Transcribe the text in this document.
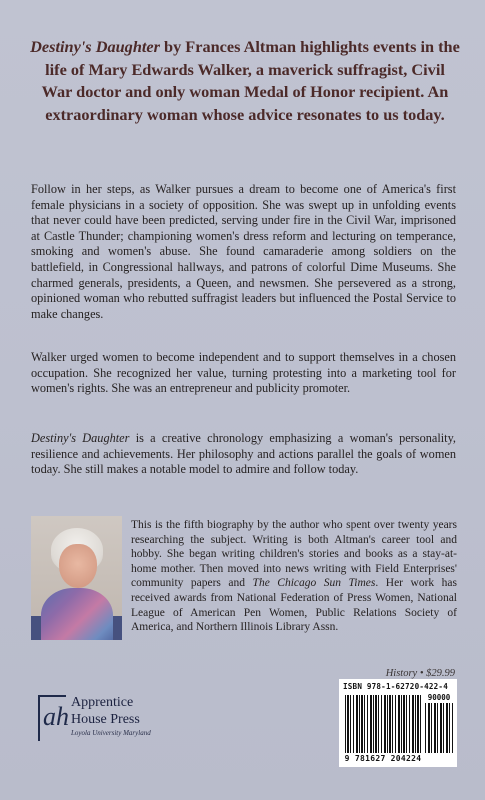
Destiny's Daughter by Frances Altman highlights events in the life of Mary Edwards Walker, a maverick suffragist, Civil War doctor and only woman Medal of Honor recipient. An extraordinary woman whose advice resonates to us today.
Follow in her steps, as Walker pursues a dream to become one of America's first female physicians in a society of opposition. She was swept up in unfolding events that never could have been predicted, serving under fire in the Civil War, imprisoned at Castle Thunder; championing women's dress reform and lecturing on temperance, smoking and women's abuse. She found camaraderie among soldiers on the battlefield, in Congressional hallways, and patrons of colorful Dime Museums. She charmed generals, presidents, a Queen, and newsmen. She persevered as a strong, opinioned woman who rebutted suffragist leaders but influenced the Postal Service to make changes.
Walker urged women to become independent and to support themselves in a chosen occupation. She recognized her value, turning protesting into a marketing tool for women's rights. She was an entrepreneur and publicity promoter.
Destiny's Daughter is a creative chronology emphasizing a woman's personality, resilience and achievements. Her philosophy and actions parallel the goals of women today. She still makes a notable model to admire and follow today.
This is the fifth biography by the author who spent over twenty years researching the subject. Writing is both Altman's career tool and hobby. She began writing children's stories and books as a stay-at-home mother. Then moved into news writing with Field Enterprises' community papers and The Chicago Sun Times. Her work has received awards from National Federation of Press Women, National League of American Pen Women, Public Relations Society of America, and Northern Illinois Library Assn.
History • $29.99
ISBN 978-1-62720-422-4
90000
9 781627 204224
ah Apprentice
House Press
Loyola University Maryland
